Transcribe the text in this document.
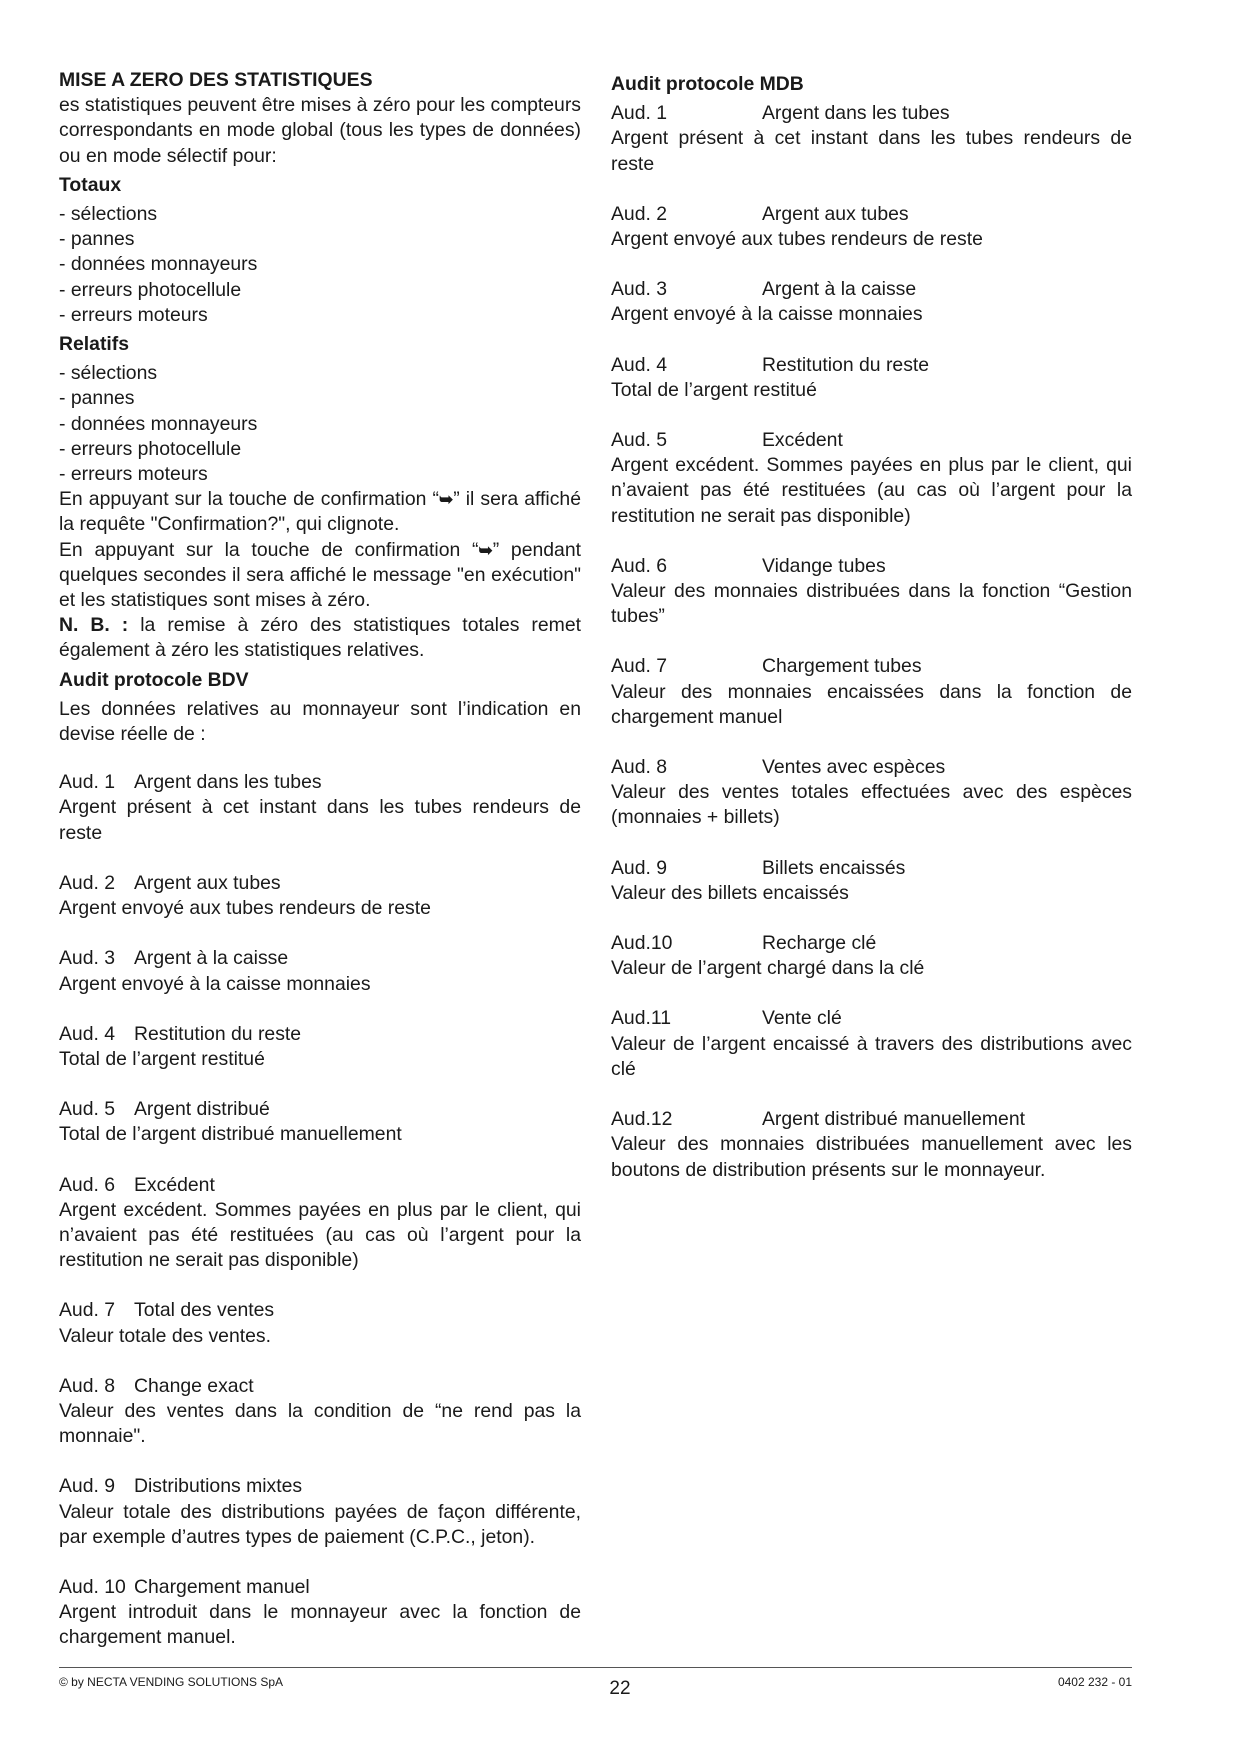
MISE A ZERO DES STATISTIQUES

es statistiques peuvent être mises à zéro pour les compteurs correspondants en mode global (tous les types de données) ou en mode sélectif pour:

Totaux

- sélections

- pannes

- données monnayeurs

- erreurs photocellule

- erreurs moteurs

Relatifs

- sélections

- pannes

- données monnayeurs

- erreurs photocellule

- erreurs moteurs

En appuyant sur la touche de confirmation “➥” il sera affiché la requête "Confirmation?", qui clignote.

En appuyant sur la touche de confirmation “➥” pendant quelques secondes il sera affiché le message "en exécution" et les statistiques sont mises à zéro.

N. B. : la remise à zéro des statistiques totales remet également à zéro les statistiques relatives.

Audit protocole BDV

Les données relatives au monnayeur sont l’indication en devise réelle de :

Aud. 1 Argent dans les tubes

Argent présent à cet instant dans les tubes rendeurs de reste

Aud. 2 Argent aux tubes

Argent envoyé aux tubes rendeurs de reste

Aud. 3 Argent à la caisse

Argent envoyé à la caisse monnaies

Aud. 4 Restitution du reste

Total de l’argent restitué

Aud. 5 Argent distribué

Total de l’argent distribué manuellement

Aud. 6 Excédent

Argent excédent. Sommes payées en plus par le client, qui n’avaient pas été restituées (au cas où l’argent pour la restitution ne serait pas disponible)

Aud. 7 Total des ventes

Valeur totale des ventes.

Aud. 8 Change exact

Valeur des ventes dans la condition de “ne rend pas la monnaie".

Aud. 9 Distributions mixtes

Valeur totale des distributions payées de façon différente, par exemple d’autres types de paiement (C.P.C., jeton).

Aud. 10 Chargement manuel

Argent introduit dans le monnayeur avec la fonction de chargement manuel.

Audit protocole MDB

Aud. 1	Argent dans les tubes

Argent présent à cet instant dans les tubes rendeurs de reste

Aud. 2	Argent aux tubes

Argent envoyé aux tubes rendeurs de reste

Aud. 3	Argent à la caisse

Argent envoyé à la caisse monnaies

Aud. 4	Restitution du reste

Total de l’argent restitué

Aud. 5	Excédent

Argent excédent. Sommes payées en plus par le client, qui n’avaient pas été restituées (au cas où l’argent pour la restitution ne serait pas disponible)

Aud. 6	Vidange tubes

Valeur des monnaies distribuées dans la fonction “Gestion tubes”

Aud. 7	Chargement tubes

Valeur des monnaies encaissées dans la fonction de chargement manuel

Aud. 8	Ventes avec espèces

Valeur des ventes totales effectuées avec des espèces (monnaies + billets)

Aud. 9	Billets encaissés

Valeur des billets encaissés

Aud.10	Recharge clé

Valeur de l’argent chargé dans la clé

Aud.11	Vente clé

Valeur de l’argent encaissé à travers des distributions avec clé

Aud.12	Argent distribué manuellement

Valeur des monnaies distribuées manuellement avec les boutons de distribution présents sur le monnayeur.

© by NECTA VENDING SOLUTIONS SpA	22	0402 232 - 01
